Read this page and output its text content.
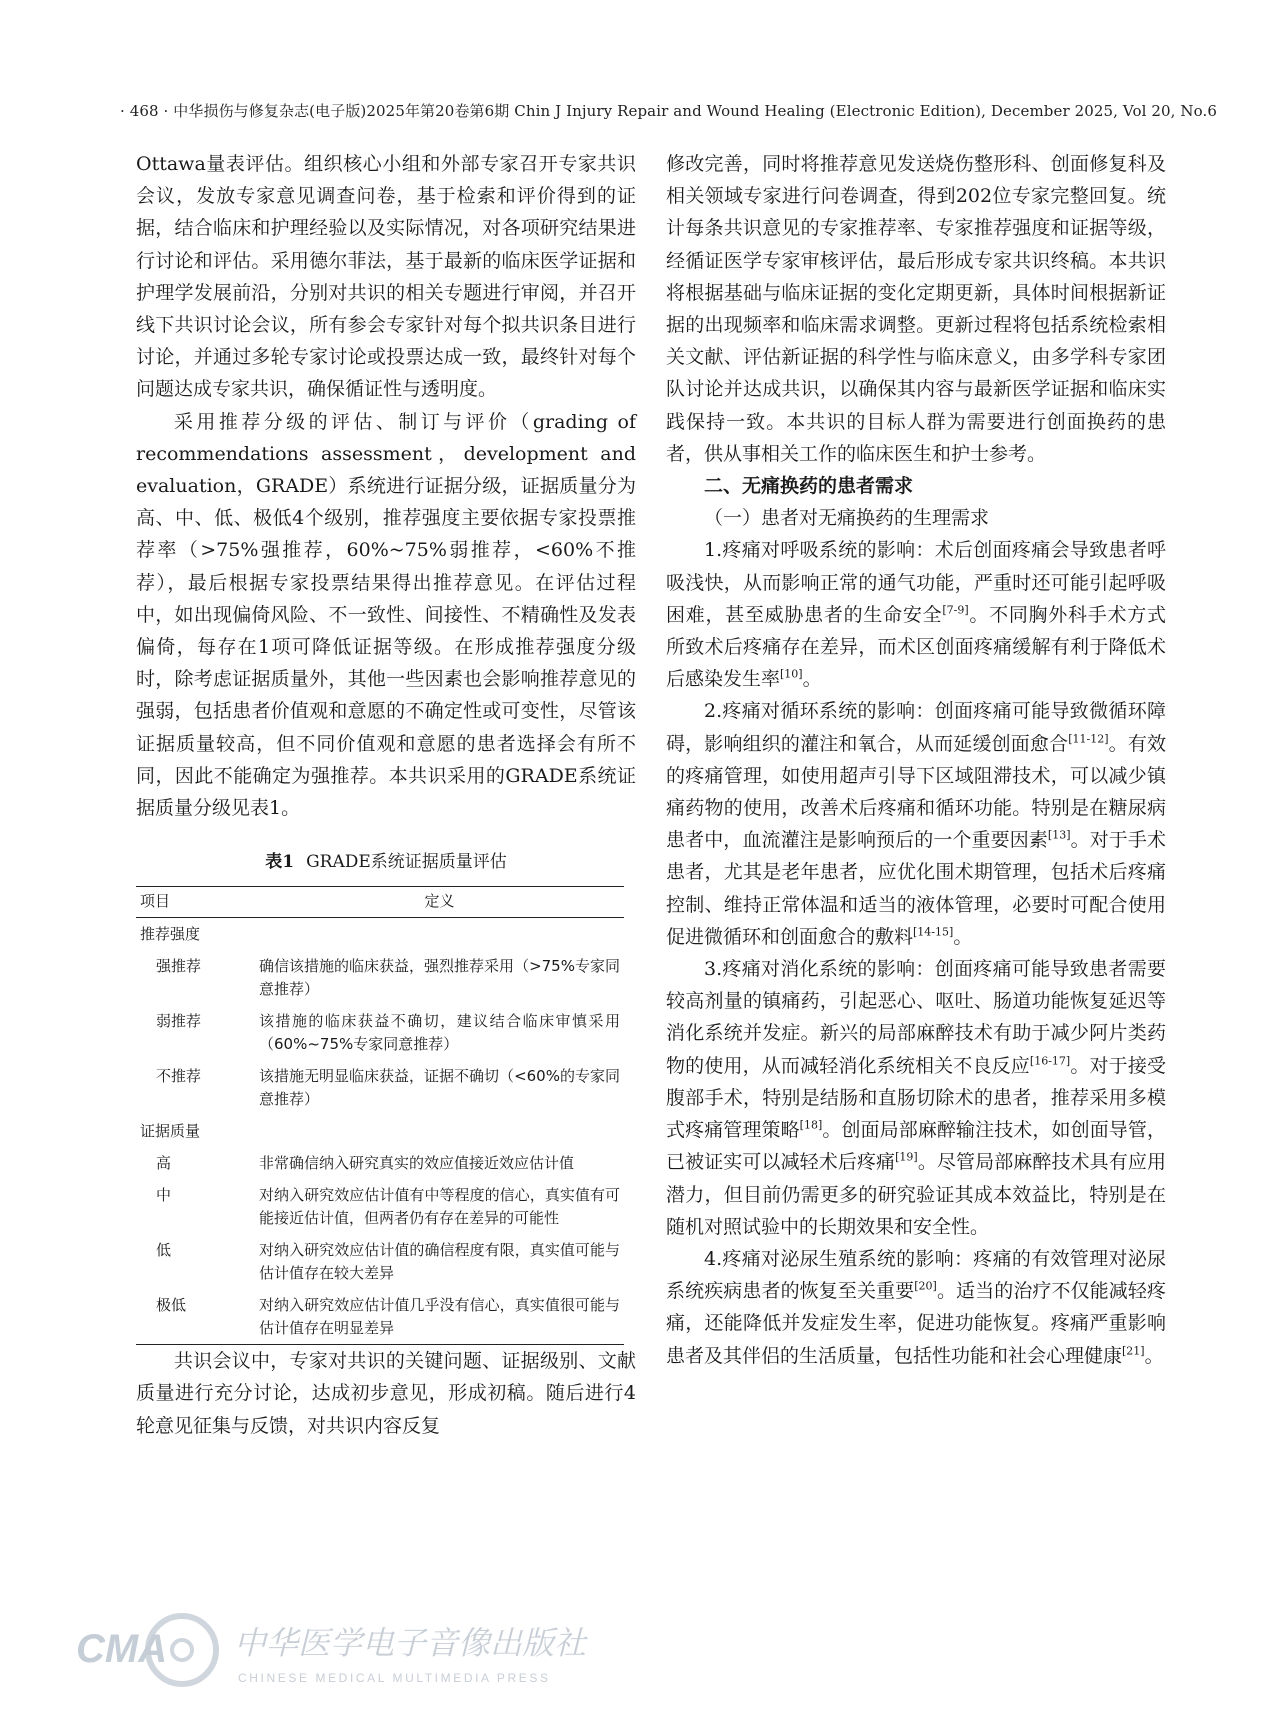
· 468 · 中华损伤与修复杂志(电子版)2025年第20卷第6期 Chin J Injury Repair and Wound Healing (Electronic Edition), December 2025, Vol 20, No.6

Ottawa量表评估。组织核心小组和外部专家召开专家共识会议，发放专家意见调查问卷，基于检索和评价得到的证据，结合临床和护理经验以及实际情况，对各项研究结果进行讨论和评估。采用德尔菲法，基于最新的临床医学证据和护理学发展前沿，分别对共识的相关专题进行审阅，并召开线下共识讨论会议，所有参会专家针对每个拟共识条目进行讨论，并通过多轮专家讨论或投票达成一致，最终针对每个问题达成专家共识，确保循证性与透明度。

采用推荐分级的评估、制订与评价（grading of recommendations assessment，development and evaluation，GRADE）系统进行证据分级，证据质量分为高、中、低、极低4个级别，推荐强度主要依据专家投票推荐率（>75%强推荐，60%~75%弱推荐，<60%不推荐），最后根据专家投票结果得出推荐意见。在评估过程中，如出现偏倚风险、不一致性、间接性、不精确性及发表偏倚，每存在1项可降低证据等级。在形成推荐强度分级时，除考虑证据质量外，其他一些因素也会影响推荐意见的强弱，包括患者价值观和意愿的不确定性或可变性，尽管该证据质量较高，但不同价值观和意愿的患者选择会有所不同，因此不能确定为强推荐。本共识采用的GRADE系统证据质量分级见表1。

表1 GRADE系统证据质量评估
项目	定义
推荐强度	
强推荐	确信该措施的临床获益，强烈推荐采用（>75%专家同意推荐）
弱推荐	该措施的临床获益不确切，建议结合临床审慎采用（60%~75%专家同意推荐）
不推荐	该措施无明显临床获益，证据不确切（<60%的专家同意推荐）
证据质量	
高	非常确信纳入研究真实的效应值接近效应估计值
中	对纳入研究效应估计值有中等程度的信心，真实值有可能接近估计值，但两者仍有存在差异的可能性
低	对纳入研究效应估计值的确信程度有限，真实值可能与估计值存在较大差异
极低	对纳入研究效应估计值几乎没有信心，真实值很可能与估计值存在明显差异

共识会议中，专家对共识的关键问题、证据级别、文献质量进行充分讨论，达成初步意见，形成初稿。随后进行4轮意见征集与反馈，对共识内容反复

修改完善，同时将推荐意见发送烧伤整形科、创面修复科及相关领域专家进行问卷调查，得到202位专家完整回复。统计每条共识意见的专家推荐率、专家推荐强度和证据等级，经循证医学专家审核评估，最后形成专家共识终稿。本共识将根据基础与临床证据的变化定期更新，具体时间根据新证据的出现频率和临床需求调整。更新过程将包括系统检索相关文献、评估新证据的科学性与临床意义，由多学科专家团队讨论并达成共识，以确保其内容与最新医学证据和临床实践保持一致。本共识的目标人群为需要进行创面换药的患者，供从事相关工作的临床医生和护士参考。

二、无痛换药的患者需求
（一）患者对无痛换药的生理需求

1.疼痛对呼吸系统的影响：术后创面疼痛会导致患者呼吸浅快，从而影响正常的通气功能，严重时还可能引起呼吸困难，甚至威胁患者的生命安全[7-9]。不同胸外科手术方式所致术后疼痛存在差异，而术区创面疼痛缓解有利于降低术后感染发生率[10]。

2.疼痛对循环系统的影响：创面疼痛可能导致微循环障碍，影响组织的灌注和氧合，从而延缓创面愈合[11-12]。有效的疼痛管理，如使用超声引导下区域阻滞技术，可以减少镇痛药物的使用，改善术后疼痛和循环功能。特别是在糖尿病患者中，血流灌注是影响预后的一个重要因素[13]。对于手术患者，尤其是老年患者，应优化围术期管理，包括术后疼痛控制、维持正常体温和适当的液体管理，必要时可配合使用促进微循环和创面愈合的敷料[14-15]。

3.疼痛对消化系统的影响：创面疼痛可能导致患者需要较高剂量的镇痛药，引起恶心、呕吐、肠道功能恢复延迟等消化系统并发症。新兴的局部麻醉技术有助于减少阿片类药物的使用，从而减轻消化系统相关不良反应[16-17]。对于接受腹部手术，特别是结肠和直肠切除术的患者，推荐采用多模式疼痛管理策略[18]。创面局部麻醉输注技术，如创面导管，已被证实可以减轻术后疼痛[19]。尽管局部麻醉技术具有应用潜力，但目前仍需更多的研究验证其成本效益比，特别是在随机对照试验中的长期效果和安全性。

4.疼痛对泌尿生殖系统的影响：疼痛的有效管理对泌尿系统疾病患者的恢复至关重要[20]。适当的治疗不仅能减轻疼痛，还能降低并发症发生率，促进功能恢复。疼痛严重影响患者及其伴侣的生活质量，包括性功能和社会心理健康[21]。

CMA 中华医学电子音像出版社
CHINESE MEDICAL MULTIMEDIA PRESS
